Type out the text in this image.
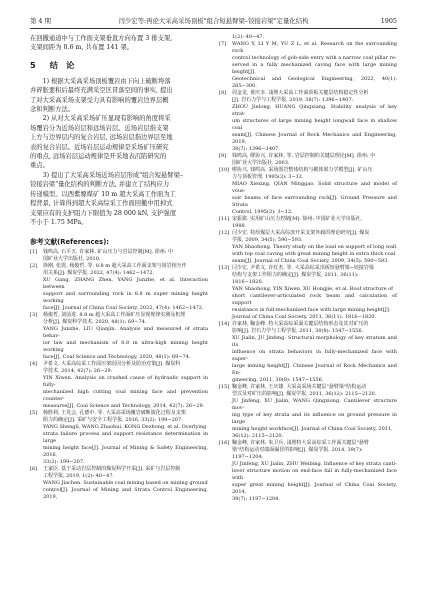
第 4 期	闫少宏等:再论大采高采场顶板"组合短悬臂梁–铰接岩梁"定量化结构	1905

在回撤通道中与工作面支架垂直方向布置 3 排支架,
支架间距为 0.6 m, 共布置 141 架。

5 结　论

1) 根据大采高采场顶板覆岩由下向上破断垮落
并碎胀要积后最终充满采空区冒落空间的事实, 提出
了对大采高采场支架受力具有影响的覆岩边界层概
念和判断方法。

2) 从对大采高采场矿压显现有影响的角度将采
场覆岩分为近场岩层和远场岩层。近场岩层指支架
上方与边界层内的复合岩层, 远场岩层指边界层至地
表的复合岩层。近场岩层运动规律是采场矿压研究
的重点, 远场岩层运动规律是开采地表沉陷研究的
重点。

3) 提出了大采高采场近场岩层形成"组合短悬臂梁–
铰接岩梁"量化结构的判断方法, 并建立了结构应力
传递模型。以西紫塬煤矿 10 m 超大采高工作面为工
程背景, 计算得到超大采高综采工作面回撤中用掉式
支架应有的支护阻力下限值为 28 000 kN, 支护强度
不小于 1.75 MPa。

参考文献(References):

[1] 钱鸣高, 石平五, 许家林. 矿山压力与岩层控制[M]. 徐州: 中
国矿业大学出版社, 2010.

[2] 徐刚, 张震, 杨俊哲, 等. 8.8 m 超大采高工作面支架与围岩相互作
用关系[J]. 煤炭学报, 2022, 47(4): 1462−1472.
XU Gang, ZHANG Zhen, YANG Junzhe, et al. Interaction between
support and surrounding rock in 8.8 m super mining height working
face[J]. Journal of China Coal Society, 2022, 47(4): 1462−1472.

[3] 杨俊哲, 刘前进. 8.8 m 超大采高工作面矿压显现规律实测及机理
分析[J]. 煤炭科学技术, 2020, 48(1): 69−74.
YANG Junzhe, LIU Qianjin. Analysis and measured of strata behav-
ior law and mechanism of 8.8 m ultra-high mining height working
face[J]. Coal Science and Technology, 2020, 48(1): 69−74.

[4] 尹希文. 大采高综采工作面压架原因分析及防治对策[J]. 煤炭科
学技术, 2014, 42(7): 26−29.
YIN Xiwen. Analysis on crushed cause of hydraulic support in fully-
mechanized high cutting coal mining face and prevention counter-
measures[J]. Coal Science and Technology, 2014, 42(7): 26−29.

[5] 杨胜利, 王兆会, 孔德中, 等. 大采高采场覆岩破断演化过程及支架
阻力的确定[J]. 采矿与安全工程学报, 2016, 33(2): 199−207.
YANG Shengli, WANG Zhaohui, KONG Dezhong, et al. Overlying
strata failure process and support resistance determination in large
mining height face[J]. Journal of Mining & Safety Engineering, 2016,
33(2): 199−207.

[6] 王家臣. 基于采动岩层控制的煤炭科学开采[J]. 采矿与岩层控制
工程学报, 2019, 1(2): 40−47.
WANG Jiachen. Sustainable coal mining based on mining ground
control[J]. Journal of Mining and Strata Control Engineering, 2019,

1(2): 40−47.

[7] WANG Y, LI Y M, YU Z L, et al. Research on the surrounding rock
control technology of gob-side entry with a narrow coal pillar re-
served in a fully mechanized caving face with large mining height[J].
Geotechnical and Geological Engineering, 2022, 40(1): 285−300.

[8] 周金龙, 黄庆享. 浅埋大采高工作面顶板关键层结构稳定性分析
[J]. 岩石力学与工程学报, 2019, 38(7): 1396−1407.
ZHOU Jinlong, HUANG Qingxiang. Stability analysis of key strat-
um structures of large mining height longwall face in shallow coal
seam[J]. Chinese Journal of Rock Mechanics and Engineering, 2019,
38(7): 1396−1407.

[9] 钱鸣高, 缪协兴, 许家林, 等. 岩层控制的关键层理论[M]. 徐州: 中
国矿业大学出版社, 2003.

[10] 缪协兴, 钱鸣高. 采场围岩整体结构与砌体梁力学模型[J]. 矿山压
力与顶板管理, 1995(3): 3−12.
MIAO Xiexing, QIAN Minggao. Solid structure and model of vous-
soir beams of face surrounding rock[J]. Ground Pressure and Strata
Control, 1995(3): 3−12.

[11] 宋振骐. 实用矿山压力控制[M]. 徐州: 中国矿业大学出版社,
1988.

[12] 闫少宏. 特厚煤层大采高综放开采支架外载的理论研究[J]. 煤炭
学报, 2009, 34(5): 590−593.
YAN Shaohong. Theory study on the load on support of long wall
with top coal caving with great mining height in extra thick coal
seam[J]. Journal of China Coal Society, 2009, 34(5): 590−593.

[13] 闫少宏, 尹希文, 许红杰, 等. 大采高综采顶板短悬臂梁−铰接岩梁
结构与支架工作阻力的确定[J]. 煤炭学报, 2011, 36(11):
1816−1820.
YAN Shaohong, YIN Xiwen, XU Hongjie, et al. Roof structure of
short cantilever-articulated rock beam and calculation of support
resistance in full-mechanized face with large mining height[J].
Journal of China Coal Society, 2011, 36(11): 1816−1820.

[14] 许家林, 鞠金峰. 特大采高综采面关键层结构形态及其对矿压的
影响[J]. 岩石力学与工程学报, 2011, 30(8): 1547−1556.
XU Jialin, JU Jinfeng. Structural morphology of key stratum and its
influence on strata behaviors in fully-mechanized face with super-
large mining height[J]. Chinese Journal of Rock Mechanics and En-
gineering, 2011, 30(8): 1547−1556.

[15] 鞠金峰, 许家林, 王庆雄. 大采高采场关键层"悬臂梁"结构运动
型式及对矿压的影响[J]. 煤炭学报, 2011, 36(12): 2115−2120.
JU Jinfeng, XU Jialin, WANG Qingxiong. Cantilever structure mov-
ing type of key strata and its influence on ground pressure in large
mining height workface[J]. Journal of China Coal Society, 2011,
36(12): 2115−2120.

[16] 鞠金峰, 许家林, 朱卫兵. 浅埋特大采高综采工作面关键层"悬臂
梁"结构运动对端面漏冒的影响[J]. 煤炭学报, 2014, 39(7):
1197−1204.
JU Jinfeng, XU Jialin, ZHU Weibing. Influence of key strata canti-
lever structure motion on end-face fall in fully-mechanized face with
super great mining height[J]. Journal of China Coal Society, 2014,
39(7): 1197−1204.
